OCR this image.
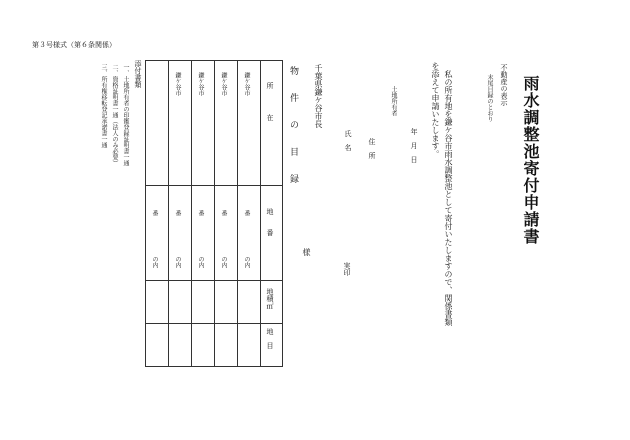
第３号様式（第６条関係）
雨水調整池寄付申請書
不動産の表示
末尾目録のとおり
私の所有地を鎌ケ谷市雨水調整池として寄付いたしますので、関係書類
を添えて申請いたします。
年
月
日
土地所有者
住　所
氏　名
実印
千葉県鎌ケ谷市長
様
物 件 の 目 録
所　　　在
地　　番
地積㎡
地　目
鎌ケ谷市
番
の内
鎌ケ谷市
番
の内
鎌ケ谷市
番
の内
鎌ケ谷市
番
の内
番
の内
添付書類
一、土地所有者の印鑑登録証明書一通
二、資格証明書一通（法人のみ必要）
三、所有権移転登記承諾書一通
